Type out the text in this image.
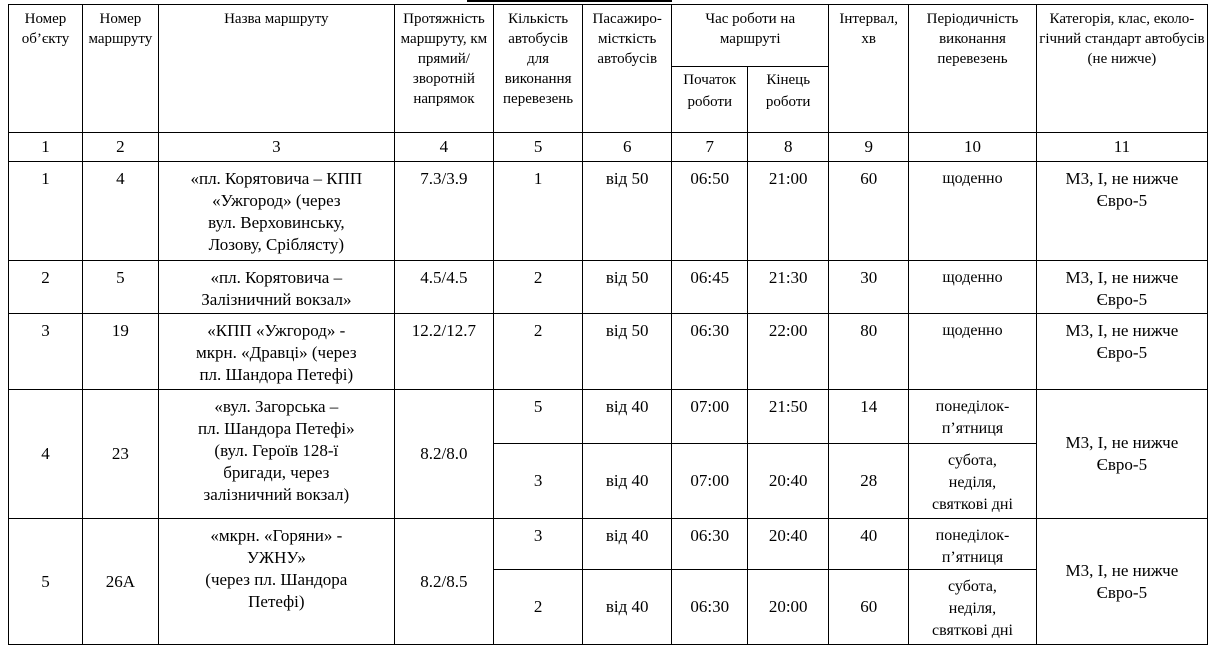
Номер об’єкту	Номер маршруту	Назва маршруту	Протяжність маршруту, км прямий/ зворотній напрямок	Кількість автобусів для виконання перевезень	Пасажиро-місткість автобусів	Час роботи на маршруті		Інтервал, хв	Періодичність виконання перевезень	Категорія, клас, еколо-гічний стандарт автобусів (не нижче)
						Початок роботи	Кінець роботи			
1	2	3	4	5	6	7	8	9	10	11
1	4	«пл. Корятовича – КПП
«Ужгород» (через
вул. Верховинську,
Лозову, Сріблясту)	7.3/3.9	1	від 50	06:50	21:00	60	щоденно	М3, І, не нижче Євро-5
2	5	«пл. Корятовича –
Залізничний вокзал»	4.5/4.5	2	від 50	06:45	21:30	30	щоденно	М3, І, не нижче Євро-5
3	19	«КПП «Ужгород» -
мкрн. «Дравці» (через
пл. Шандора Петефі)	12.2/12.7	2	від 50	06:30	22:00	80	щоденно	М3, І, не нижче Євро-5
4	23	«вул. Загорська –
пл. Шандора Петефі»
(вул. Героїв 128-ї
бригади, через
залізничний вокзал)	8.2/8.0	5	від 40	07:00	21:50	14	понеділок-
п’ятниця	М3, І, не нижче Євро-5
				3	від 40	07:00	20:40	28	субота,
неділя,
святкові дні	

5	26А	«мкрн. «Горяни» -
УЖНУ»
(через пл. Шандора
Петефі)	8.2/8.5	3	від 40	06:30	20:40	40	понеділок-
п’ятниця	М3, І, не нижче Євро-5
				2	від 40	06:30	20:00	60	субота,
неділя,
святкові дні	
